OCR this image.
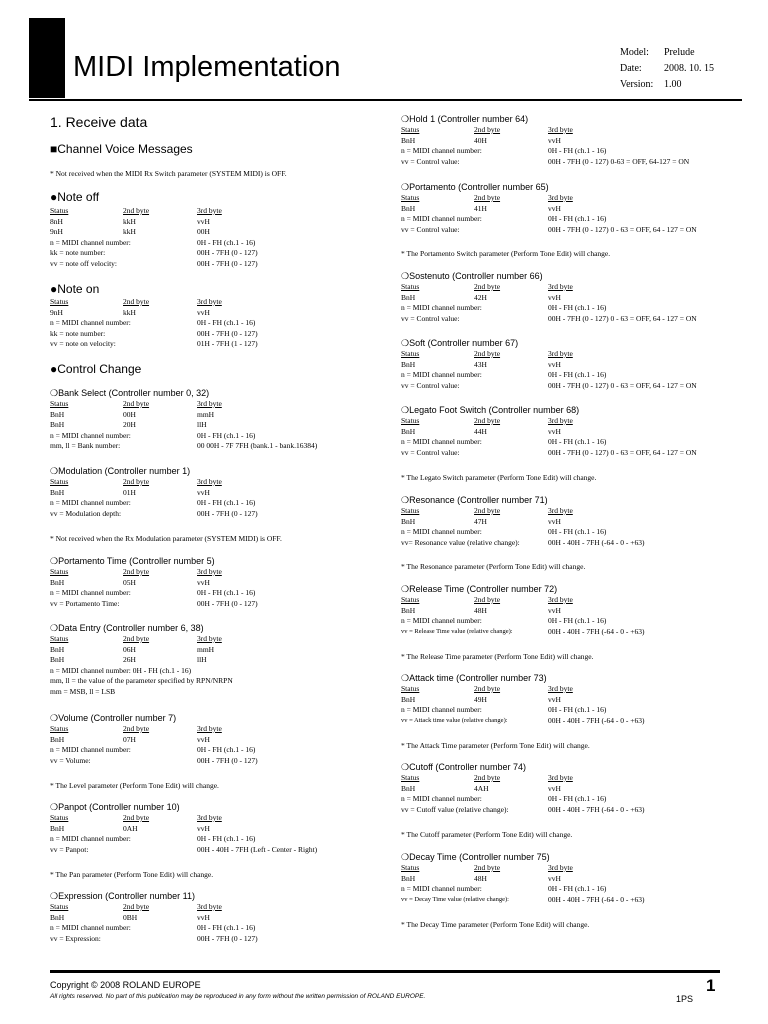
MIDI Implementation	Model: Prelude
Date: 2008. 10. 15
Version: 1.00
1. Receive data
■Channel Voice Messages
* Not received when the MIDI Rx Switch parameter (SYSTEM MIDI) is OFF.
●Note off
Status	2nd byte	3rd byte
8nH	kkH	vvH
9nH	kkH	00H
n = MIDI channel number:	0H - FH (ch.1 - 16)
kk = note number:	00H - 7FH (0 - 127)
vv = note off velocity:	00H - 7FH (0 - 127)
●Note on
Status	2nd byte	3rd byte
9nH	kkH	vvH
n = MIDI channel number:	0H - FH (ch.1 - 16)
kk = note number:	00H - 7FH (0 - 127)
vv = note on velocity:	01H - 7FH (1 - 127)
●Control Change
❍Bank Select (Controller number 0, 32)
Status	2nd byte	3rd byte
BnH	00H	mmH
BnH	20H	llH
n = MIDI channel number:	0H - FH (ch.1 - 16)
mm, ll = Bank number:	00 00H - 7F 7FH (bank.1 - bank.16384)
❍Modulation (Controller number 1)
Status	2nd byte	3rd byte
BnH	01H	vvH
n = MIDI channel number:	0H - FH (ch.1 - 16)
vv = Modulation depth:	00H - 7FH (0 - 127)
* Not received when the Rx Modulation parameter (SYSTEM MIDI) is OFF.
❍Portamento Time (Controller number 5)
Status	2nd byte	3rd byte
BnH	05H	vvH
n = MIDI channel number:	0H - FH (ch.1 - 16)
vv = Portamento Time:	00H - 7FH (0 - 127)
❍Data Entry (Controller number 6, 38)
Status	2nd byte	3rd byte
BnH	06H	mmH
BnH	26H	llH
n = MIDI channel number: 0H - FH (ch.1 - 16)
mm, ll = the value of the parameter specified by RPN/NRPN
mm = MSB, ll = LSB
❍Volume (Controller number 7)
Status	2nd byte	3rd byte
BnH	07H	vvH
n = MIDI channel number:	0H - FH (ch.1 - 16)
vv = Volume:	00H - 7FH (0 - 127)
* The Level parameter (Perform Tone Edit) will change.
❍Panpot (Controller number 10)
Status	2nd byte	3rd byte
BnH	0AH	vvH
n = MIDI channel number:	0H - FH (ch.1 - 16)
vv = Panpot:	00H - 40H - 7FH (Left - Center - Right)
* The Pan parameter (Perform Tone Edit) will change.
❍Expression (Controller number 11)
Status	2nd byte	3rd byte
BnH	0BH	vvH
n = MIDI channel number:	0H - FH (ch.1 - 16)
vv = Expression:	00H - 7FH (0 - 127)
❍Hold 1 (Controller number 64)
Status	2nd byte	3rd byte
BnH	40H	vvH
n = MIDI channel number:	0H - FH (ch.1 - 16)
vv = Control value:	00H - 7FH (0 - 127) 0-63 = OFF, 64-127 = ON
❍Portamento (Controller number 65)
Status	2nd byte	3rd byte
BnH	41H	vvH
n = MIDI channel number:	0H - FH (ch.1 - 16)
vv = Control value:	00H - 7FH (0 - 127) 0 - 63 = OFF, 64 - 127 = ON
* The Portamento Switch parameter (Perform Tone Edit) will change.
❍Sostenuto (Controller number 66)
Status	2nd byte	3rd byte
BnH	42H	vvH
n = MIDI channel number:	0H - FH (ch.1 - 16)
vv = Control value:	00H - 7FH (0 - 127) 0 - 63 = OFF, 64 - 127 = ON
❍Soft (Controller number 67)
Status	2nd byte	3rd byte
BnH	43H	vvH
n = MIDI channel number:	0H - FH (ch.1 - 16)
vv = Control value:	00H - 7FH (0 - 127) 0 - 63 = OFF, 64 - 127 = ON
❍Legato Foot Switch (Controller number 68)
Status	2nd byte	3rd byte
BnH	44H	vvH
n = MIDI channel number:	0H - FH (ch.1 - 16)
vv = Control value:	00H - 7FH (0 - 127) 0 - 63 = OFF, 64 - 127 = ON
* The Legato Switch parameter (Perform Tone Edit) will change.
❍Resonance (Controller number 71)
Status	2nd byte	3rd byte
BnH	47H	vvH
n = MIDI channel number:	0H - FH (ch.1 - 16)
vv= Resonance value (relative change):	00H - 40H - 7FH (-64 - 0 - +63)
* The Resonance parameter (Perform Tone Edit) will change.
❍Release Time (Controller number 72)
Status	2nd byte	3rd byte
BnH	48H	vvH
n = MIDI channel number:	0H - FH (ch.1 - 16)
vv = Release Time value (relative change):	00H - 40H - 7FH (-64 - 0 - +63)
* The Release Time parameter (Perform Tone Edit) will change.
❍Attack time (Controller number 73)
Status	2nd byte	3rd byte
BnH	49H	vvH
n = MIDI channel number:	0H - FH (ch.1 - 16)
vv = Attack time value (relative change):	00H - 40H - 7FH (-64 - 0 - +63)
* The Attack Time parameter (Perform Tone Edit) will change.
❍Cutoff (Controller number 74)
Status	2nd byte	3rd byte
BnH	4AH	vvH
n = MIDI channel number:	0H - FH (ch.1 - 16)
vv = Cutoff value (relative change):	00H - 40H - 7FH (-64 - 0 - +63)
* The Cutoff parameter (Perform Tone Edit) will change.
❍Decay Time (Controller number 75)
Status	2nd byte	3rd byte
BnH	48H	vvH
n = MIDI channel number:	0H - FH (ch.1 - 16)
vv = Decay Time value (relative change):	00H - 40H - 7FH (-64 - 0 - +63)
* The Decay Time parameter (Perform Tone Edit) will change.
Copyright © 2008 ROLAND EUROPE
All rights reserved. No part of this publication may be reproduced in any form without the written permission of ROLAND EUROPE.
1
1PS
